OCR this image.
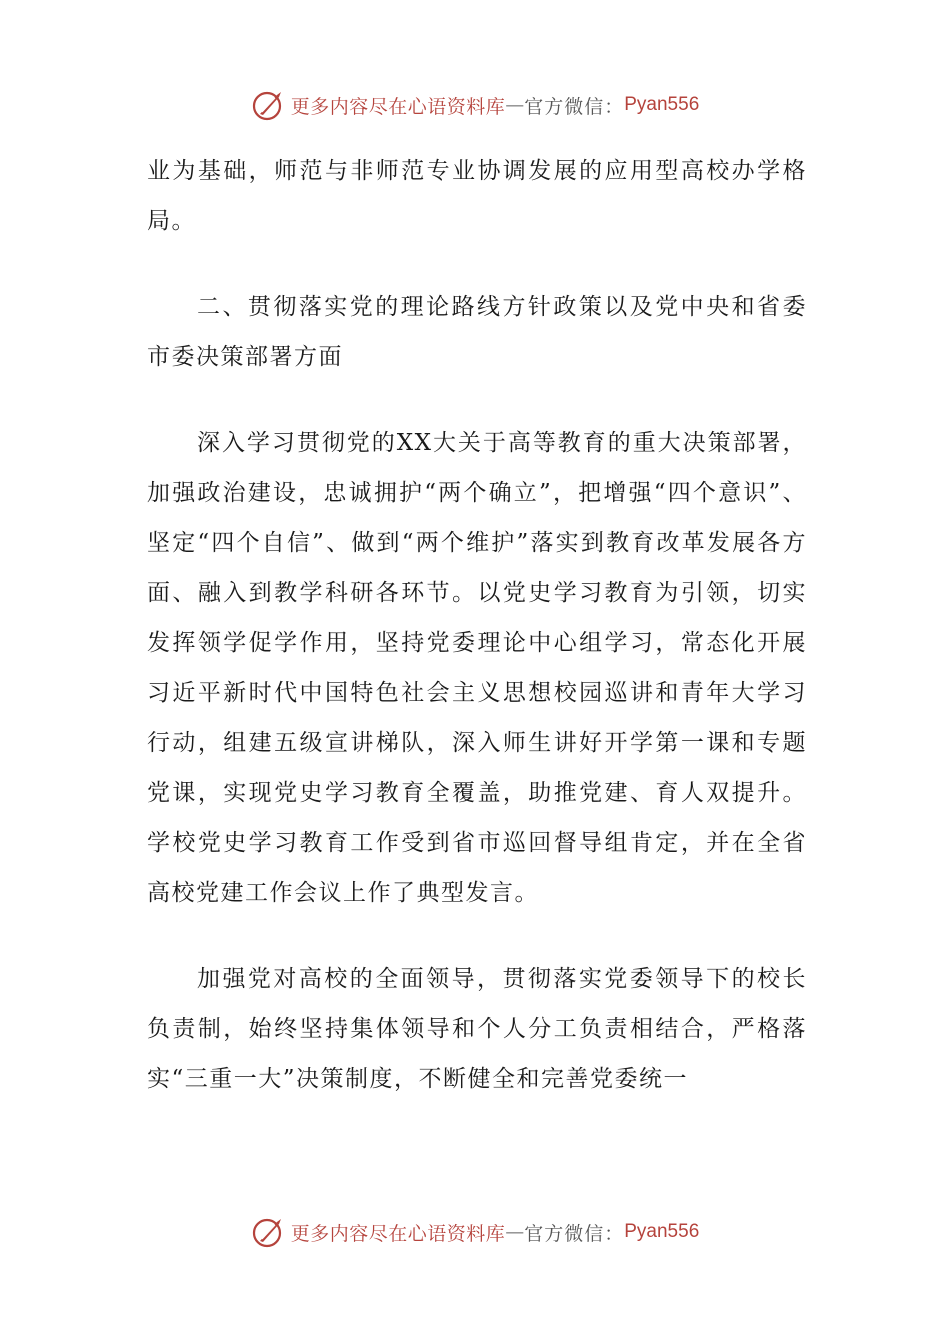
更多内容尽在心语资料库 — 官方微信： Pyan556

业为基础，师范与非师范专业协调发展的应用型高校办学格局。

二、贯彻落实党的理论路线方针政策以及党中央和省委市委决策部署方面

深入学习贯彻党的XX大关于高等教育的重大决策部署，加强政治建设，忠诚拥护“两个确立”，把增强“四个意识”、坚定“四个自信”、做到“两个维护”落实到教育改革发展各方面、融入到教学科研各环节。以党史学习教育为引领，切实发挥领学促学作用，坚持党委理论中心组学习，常态化开展习近平新时代中国特色社会主义思想校园巡讲和青年大学习行动，组建五级宣讲梯队，深入师生讲好开学第一课和专题党课，实现党史学习教育全覆盖，助推党建、育人双提升。学校党史学习教育工作受到省市巡回督导组肯定，并在全省高校党建工作会议上作了典型发言。

加强党对高校的全面领导，贯彻落实党委领导下的校长负责制，始终坚持集体领导和个人分工负责相结合，严格落实“三重一大”决策制度，不断健全和完善党委统一

更多内容尽在心语资料库 — 官方微信： Pyan556
